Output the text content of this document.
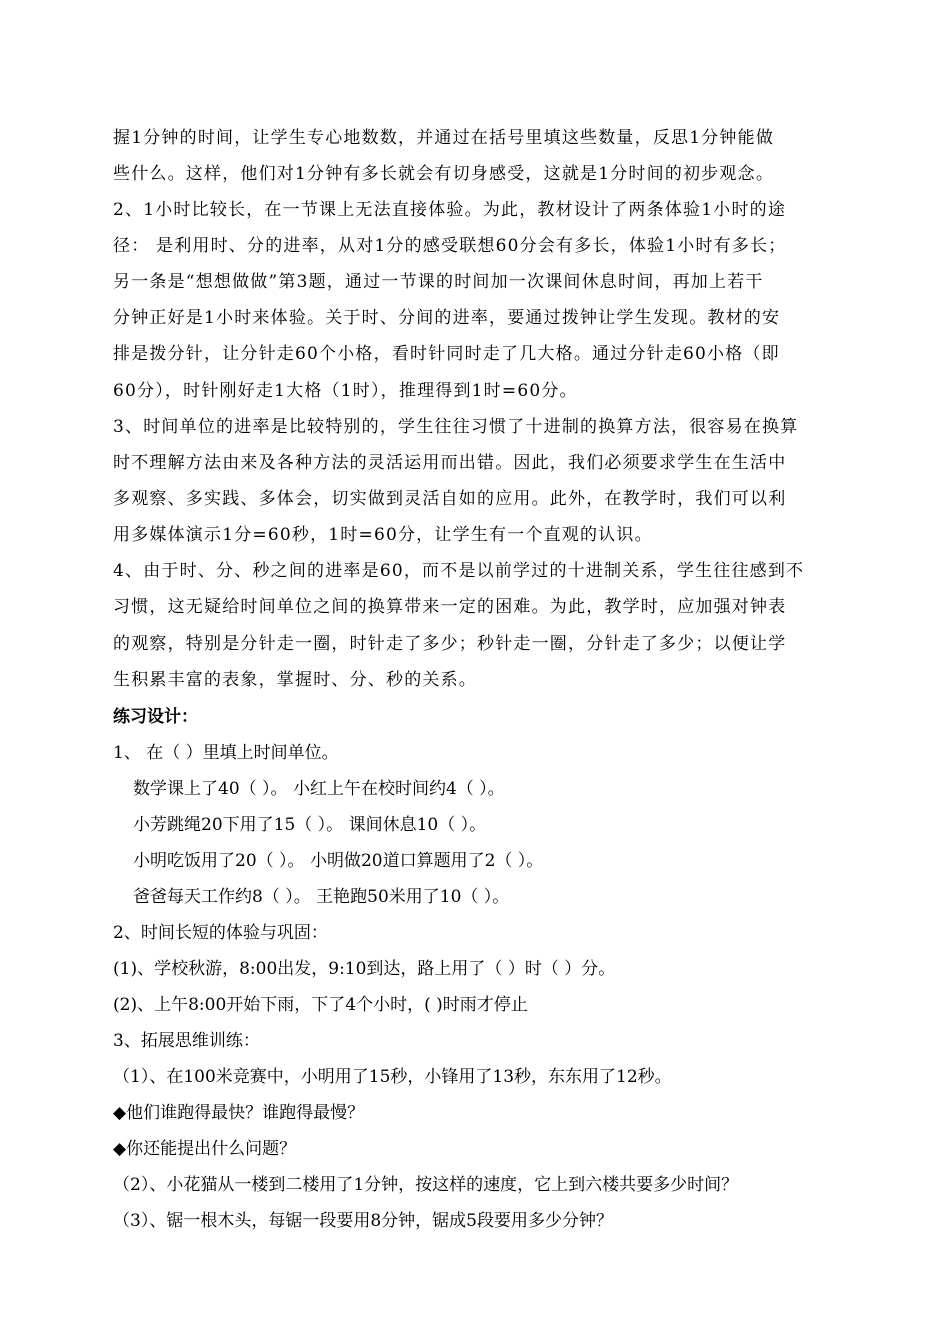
握1分钟的时间，让学生专心地数数，并通过在括号里填这些数量，反思1分钟能做
些什么。这样，他们对1分钟有多长就会有切身感受，这就是1分时间的初步观念。
2、1小时比较长，在一节课上无法直接体验。为此，教材设计了两条体验1小时的途
径： 是利用时、分的进率，从对1分的感受联想60分会有多长，体验1小时有多长；
另一条是“想想做做”第3题，通过一节课的时间加一次课间休息时间，再加上若干
分钟正好是1小时来体验。关于时、分间的进率，要通过拨钟让学生发现。教材的安
排是拨分针，让分针走60个小格，看时针同时走了几大格。通过分针走60小格（即
60分），时针刚好走1大格（1时），推理得到1时=60分。
3、时间单位的进率是比较特别的，学生往往习惯了十进制的换算方法，很容易在换算
时不理解方法由来及各种方法的灵活运用而出错。因此，我们必须要求学生在生活中
多观察、多实践、多体会，切实做到灵活自如的应用。此外，在教学时，我们可以利
用多媒体演示1分=60秒，1时=60分，让学生有一个直观的认识。
4、由于时、分、秒之间的进率是60，而不是以前学过的十进制关系，学生往往感到不
习惯，这无疑给时间单位之间的换算带来一定的困难。为此，教学时，应加强对钟表
的观察，特别是分针走一圈，时针走了多少；秒针走一圈，分针走了多少；以便让学
生积累丰富的表象，掌握时、分、秒的关系。
练习设计：
1、 在（ ）里填上时间单位。
数学课上了40（ ）。 小红上午在校时间约4（ ）。
小芳跳绳20下用了15（ ）。 课间休息10（ ）。
小明吃饭用了20（ ）。 小明做20道口算题用了2（ ）。
爸爸每天工作约8（ ）。 王艳跑50米用了10（ ）。
2、时间长短的体验与巩固：
(1)、学校秋游，8:00出发，9:10到达，路上用了（ ）时（ ）分。
(2)、上午8:00开始下雨，下了4个小时，( )时雨才停止
3、拓展思维训练：
（1）、在100米竞赛中，小明用了15秒，小锋用了13秒，东东用了12秒。
◆他们谁跑得最快？谁跑得最慢？
◆你还能提出什么问题？
（2）、小花猫从一楼到二楼用了1分钟，按这样的速度，它上到六楼共要多少时间？
（3）、锯一根木头，每锯一段要用8分钟，锯成5段要用多少分钟？
